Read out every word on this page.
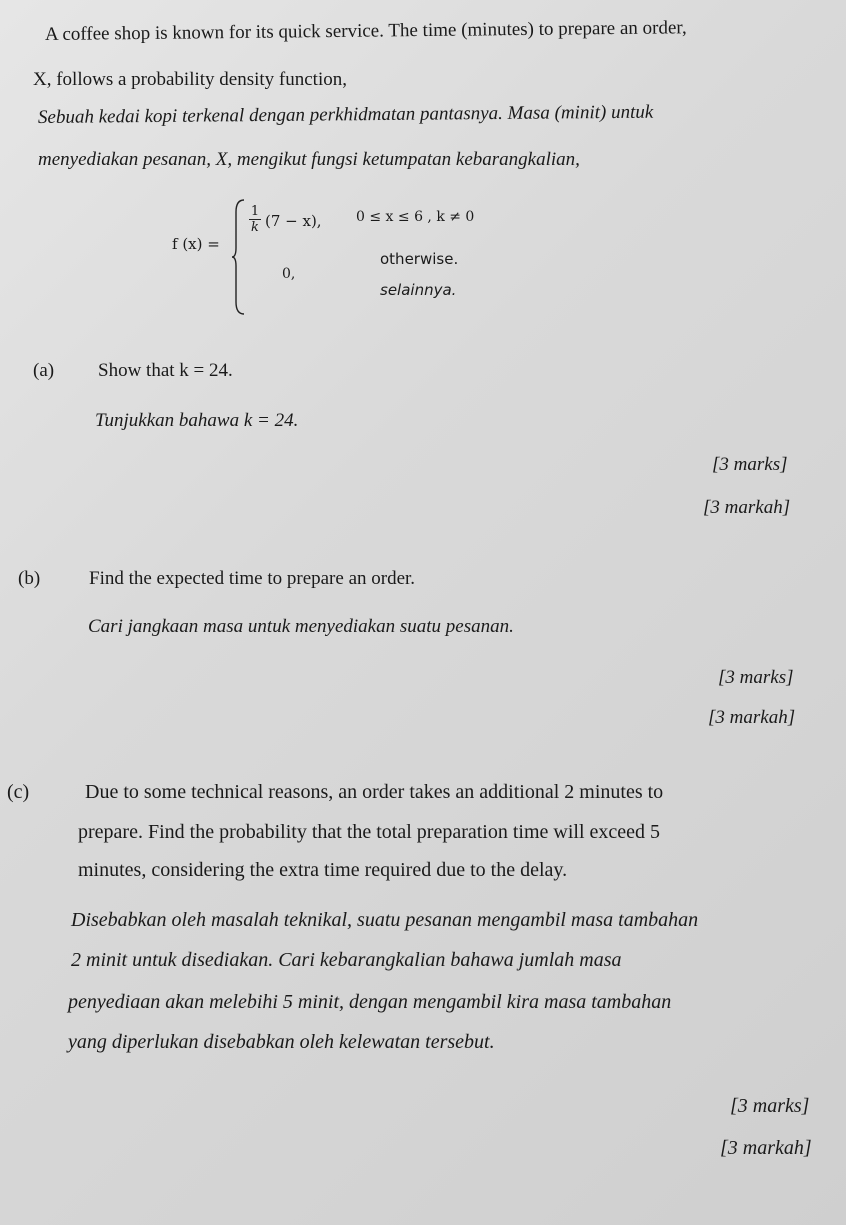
A coffee shop is known for its quick service. The time (minutes) to prepare an order,
X, follows a probability density function,
Sebuah kedai kopi terkenal dengan perkhidmatan pantasnya. Masa (minit) untuk
menyediakan pesanan, X, mengikut fungsi ketumpatan kebarangkalian,
f (x) =
1
k (7 − x), 0 ≤ x ≤ 6 , k ≠ 0
0,
otherwise.
selainnya.
(a) Show that k = 24.
Tunjukkan bahawa k = 24.
[3 marks]
[3 markah]
(b)	Find the expected time to prepare an order.
Cari jangkaan masa untuk menyediakan suatu pesanan.
[3 marks]
[3 markah]
(c)	Due to some technical reasons, an order takes an additional 2 minutes to
prepare. Find the probability that the total preparation time will exceed 5
minutes, considering the extra time required due to the delay.
Disebabkan oleh masalah teknikal, suatu pesanan mengambil masa tambahan
2 minit untuk disediakan. Cari kebarangkalian bahawa jumlah masa
penyediaan akan melebihi 5 minit, dengan mengambil kira masa tambahan
yang diperlukan disebabkan oleh kelewatan tersebut.
[3 marks]
[3 markah]
